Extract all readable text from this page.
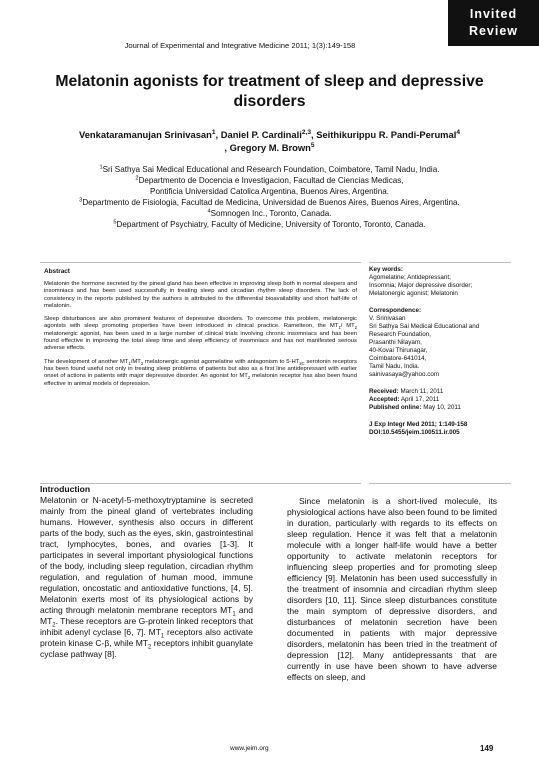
Invited
Review
Journal of Experimental and Integrative Medicine 2011; 1(3):149-158
Melatonin agonists for treatment of sleep and depressive disorders
Venkataramanujan Srinivasan$^1$, Daniel P. Cardinali$^{2,3}$, Seithikurippu R. Pandi-Perumal$^4$
, Gregory M. Brown$^5$
$^1$Sri Sathya Sai Medical Educational and Research Foundation, Coimbatore, Tamil Nadu, India.
$^2$Departmento de Docencia e Investigacion, Facultad de Ciencias Medicas,
Pontificia Universidad Catolica Argentina, Buenos Aires, Argentina.
$^3$Departmento de Fisiologia, Facultad de Medicina, Universidad de Buenos Aires, Buenos Aires, Argentina.
$^4$Somnogen Inc., Toronto, Canada.
$^5$Department of Psychiatry, Faculty of Medicine, University of Toronto, Toronto, Canada.
Abstract

Melatonin the hormone secreted by the pineal gland has been effective in improving sleep both in normal sleepers and insomniacs and has been used successfully in treating sleep and circadian rhythm sleep disorders. The lack of consistency in the reports published by the authors is attributed to the differential bioavailability and short half-life of melatonin.

Sleep disturbances are also prominent features of depressive disorders. To overcome this problem, melatonergic agonists with sleep promoting properties have been introduced in clinical practice. Ramelteon, the $MT_1/$ $MT_2$ melatonergic agonist, has been used in a large number of clinical trials involving chronic insomniacs and has been found effective in improving the total sleep time and sleep efficiency of insomniacs and has not manifested serious adverse effects.

The development of another $MT_1/MT_2$ melatonergic agonist agomelatine with antagonism to $5-HT_{2C}$ serotonin receptors has been found useful not only in treating sleep problems of patients but also as a first line antidepressant with earlier onset of actions in patients with major depressive disorder. An agonist for $MT_2$ melatonin receptor has also been found effective in animal models of depression.

Key words:
Agomelatine; Antidepressant;
Insomnia; Major depressive disorder;
Melatonergic agonist; Melatonin
Correspondence:
V. Srinivasan
Sri Sathya Sai Medical Educational and
Research Foundation,
Prasanthi Nilayam,
40-Kovai Thirunagar,
Coimbatore-641014,
Tamil Nadu, India.
sainivasaya@yahoo.com
Received: March 11, 2011
Accepted: April 17, 2011
Published online: May 10, 2011
J Exp Integr Med 2011; 1:149-158
DOI:10.5455/jeim.100511.ir.005
Introduction
Melatonin or N-acetyl-5-methoxytryptamine is secreted mainly from the pineal gland of vertebrates including humans. However, synthesis also occurs in different parts of the body, such as the eyes, skin, gastrointestinal tract, lymphocytes, bones, and ovaries [1-3]. It participates in several important physiological functions of the body, including sleep regulation, circadian rhythm regulation, and regulation of human mood, immune regulation, oncostatic and antioxidative functions, [4, 5]. Melatonin exerts most of its physiological actions by acting through melatonin membrane receptors $MT_1$ and $MT_2$. These receptors are G-protein linked receptors that inhibit adenyl cyclase [6, 7]. $MT_1$ receptors also activate protein kinase C-β, while $MT_2$ receptors inhibit guanylate cyclase pathway [8].
Since melatonin is a short-lived molecule, its physiological actions have also been found to be limited in duration, particularly with regards to its effects on sleep regulation. Hence it was felt that a melatonin molecule with a longer half-life would have a better opportunity to activate melatonin receptors for influencing sleep properties and for promoting sleep efficiency [9]. Melatonin has been used successfully in the treatment of insomnia and circadian rhythm sleep disorders [10, 11]. Since sleep disturbances constitute the main symptom of depressive disorders, and disturbances of melatonin secretion have been documented in patients with major depressive disorders, melatonin has been tried in the treatment of depression [12]. Many antidepressants that are currently in use have been shown to have adverse effects on sleep, and
www.jeim.org	149
